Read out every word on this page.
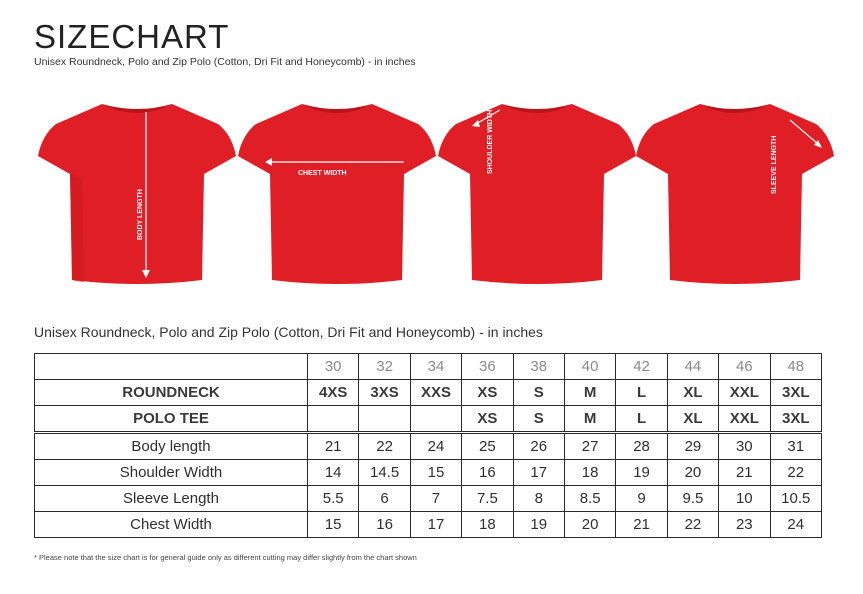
SIZECHART
Unisex Roundneck, Polo and Zip Polo (Cotton, Dri Fit and Honeycomb) - in inches
BODY LENGTH
CHEST WIDTH	SHOULDER WIDTH	SLEEVE LENGTH
Unisex Roundneck, Polo and Zip Polo (Cotton, Dri Fit and Honeycomb) - in inches
	30	32	34	36	38	40	42	44	46	48
ROUNDNECK	4XS	3XS	XXS	XS	S	M	L	XL	XXL	3XL
POLO TEE				XS	S	M	L	XL	XXL	3XL
Body length	21	22	24	25	26	27	28	29	30	31
Shoulder Width	14	14.5	15	16	17	18	19	20	21	22
Sleeve Length	5.5	6	7	7.5	8	8.5	9	9.5	10	10.5
Chest Width	15	16	17	18	19	20	21	22	23	24
* Please note that the size chart is for general guide only as different cutting may differ slightly from the chart shown
